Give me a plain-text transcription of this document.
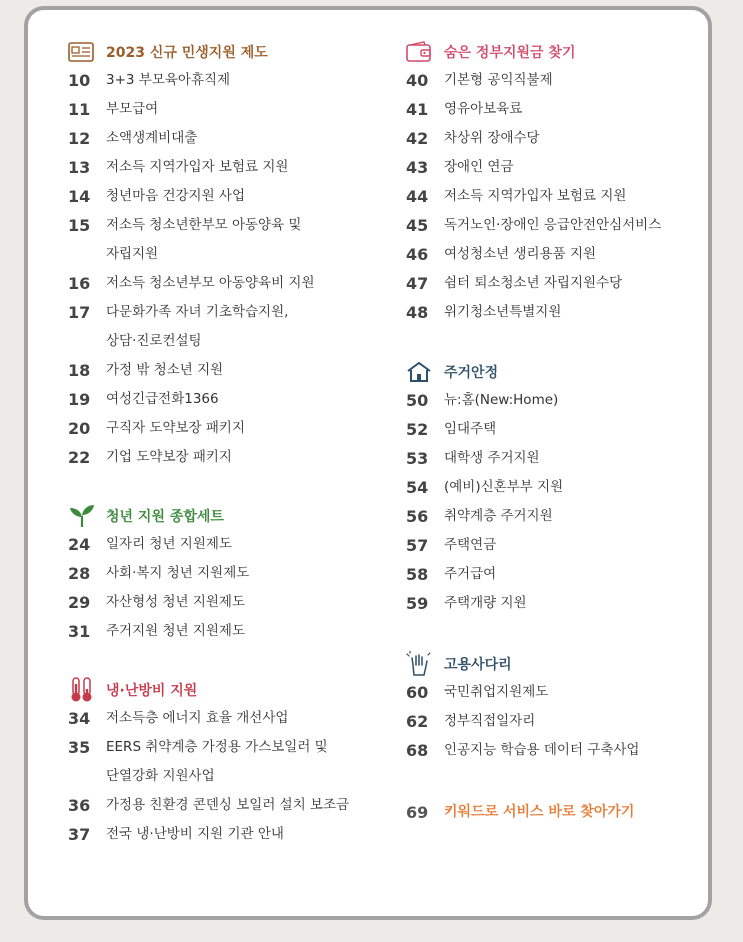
2023 신규 민생지원 제도
10	3+3 부모육아휴직제
11	부모급여
12	소액생계비대출
13	저소득 지역가입자 보험료 지원
14	청년마음 건강지원 사업
15	저소득 청소년한부모 아동양육 및
자립지원
16	저소득 청소년부모 아동양육비 지원
17	다문화가족 자녀 기초학습지원,
상담·진로컨설팅
18	가정 밖 청소년 지원
19	여성긴급전화1366
20	구직자 도약보장 패키지
22	기업 도약보장 패키지
청년 지원 종합세트
24	일자리 청년 지원제도
28	사회·복지 청년 지원제도
29	자산형성 청년 지원제도
31	주거지원 청년 지원제도
냉·난방비 지원
34	저소득층 에너지 효율 개선사업
35	EERS 취약계층 가정용 가스보일러 및
단열강화 지원사업
36	가정용 친환경 콘덴싱 보일러 설치 보조금
37	전국 냉·난방비 지원 기관 안내
숨은 정부지원금 찾기
40	기본형 공익직불제
41	영유아보육료
42	차상위 장애수당
43	장애인 연금
44	저소득 지역가입자 보험료 지원
45	독거노인·장애인 응급안전안심서비스
46	여성청소년 생리용품 지원
47	쉼터 퇴소청소년 자립지원수당
48	위기청소년특별지원
주거안정
50	뉴:홈(New:Home)
52	임대주택
53	대학생 주거지원
54	(예비)신혼부부 지원
56	취약계층 주거지원
57	주택연금
58	주거급여
59	주택개량 지원
고용사다리
60	국민취업지원제도
62	정부직접일자리
68	인공지능 학습용 데이터 구축사업
69	키워드로 서비스 바로 찾아가기
